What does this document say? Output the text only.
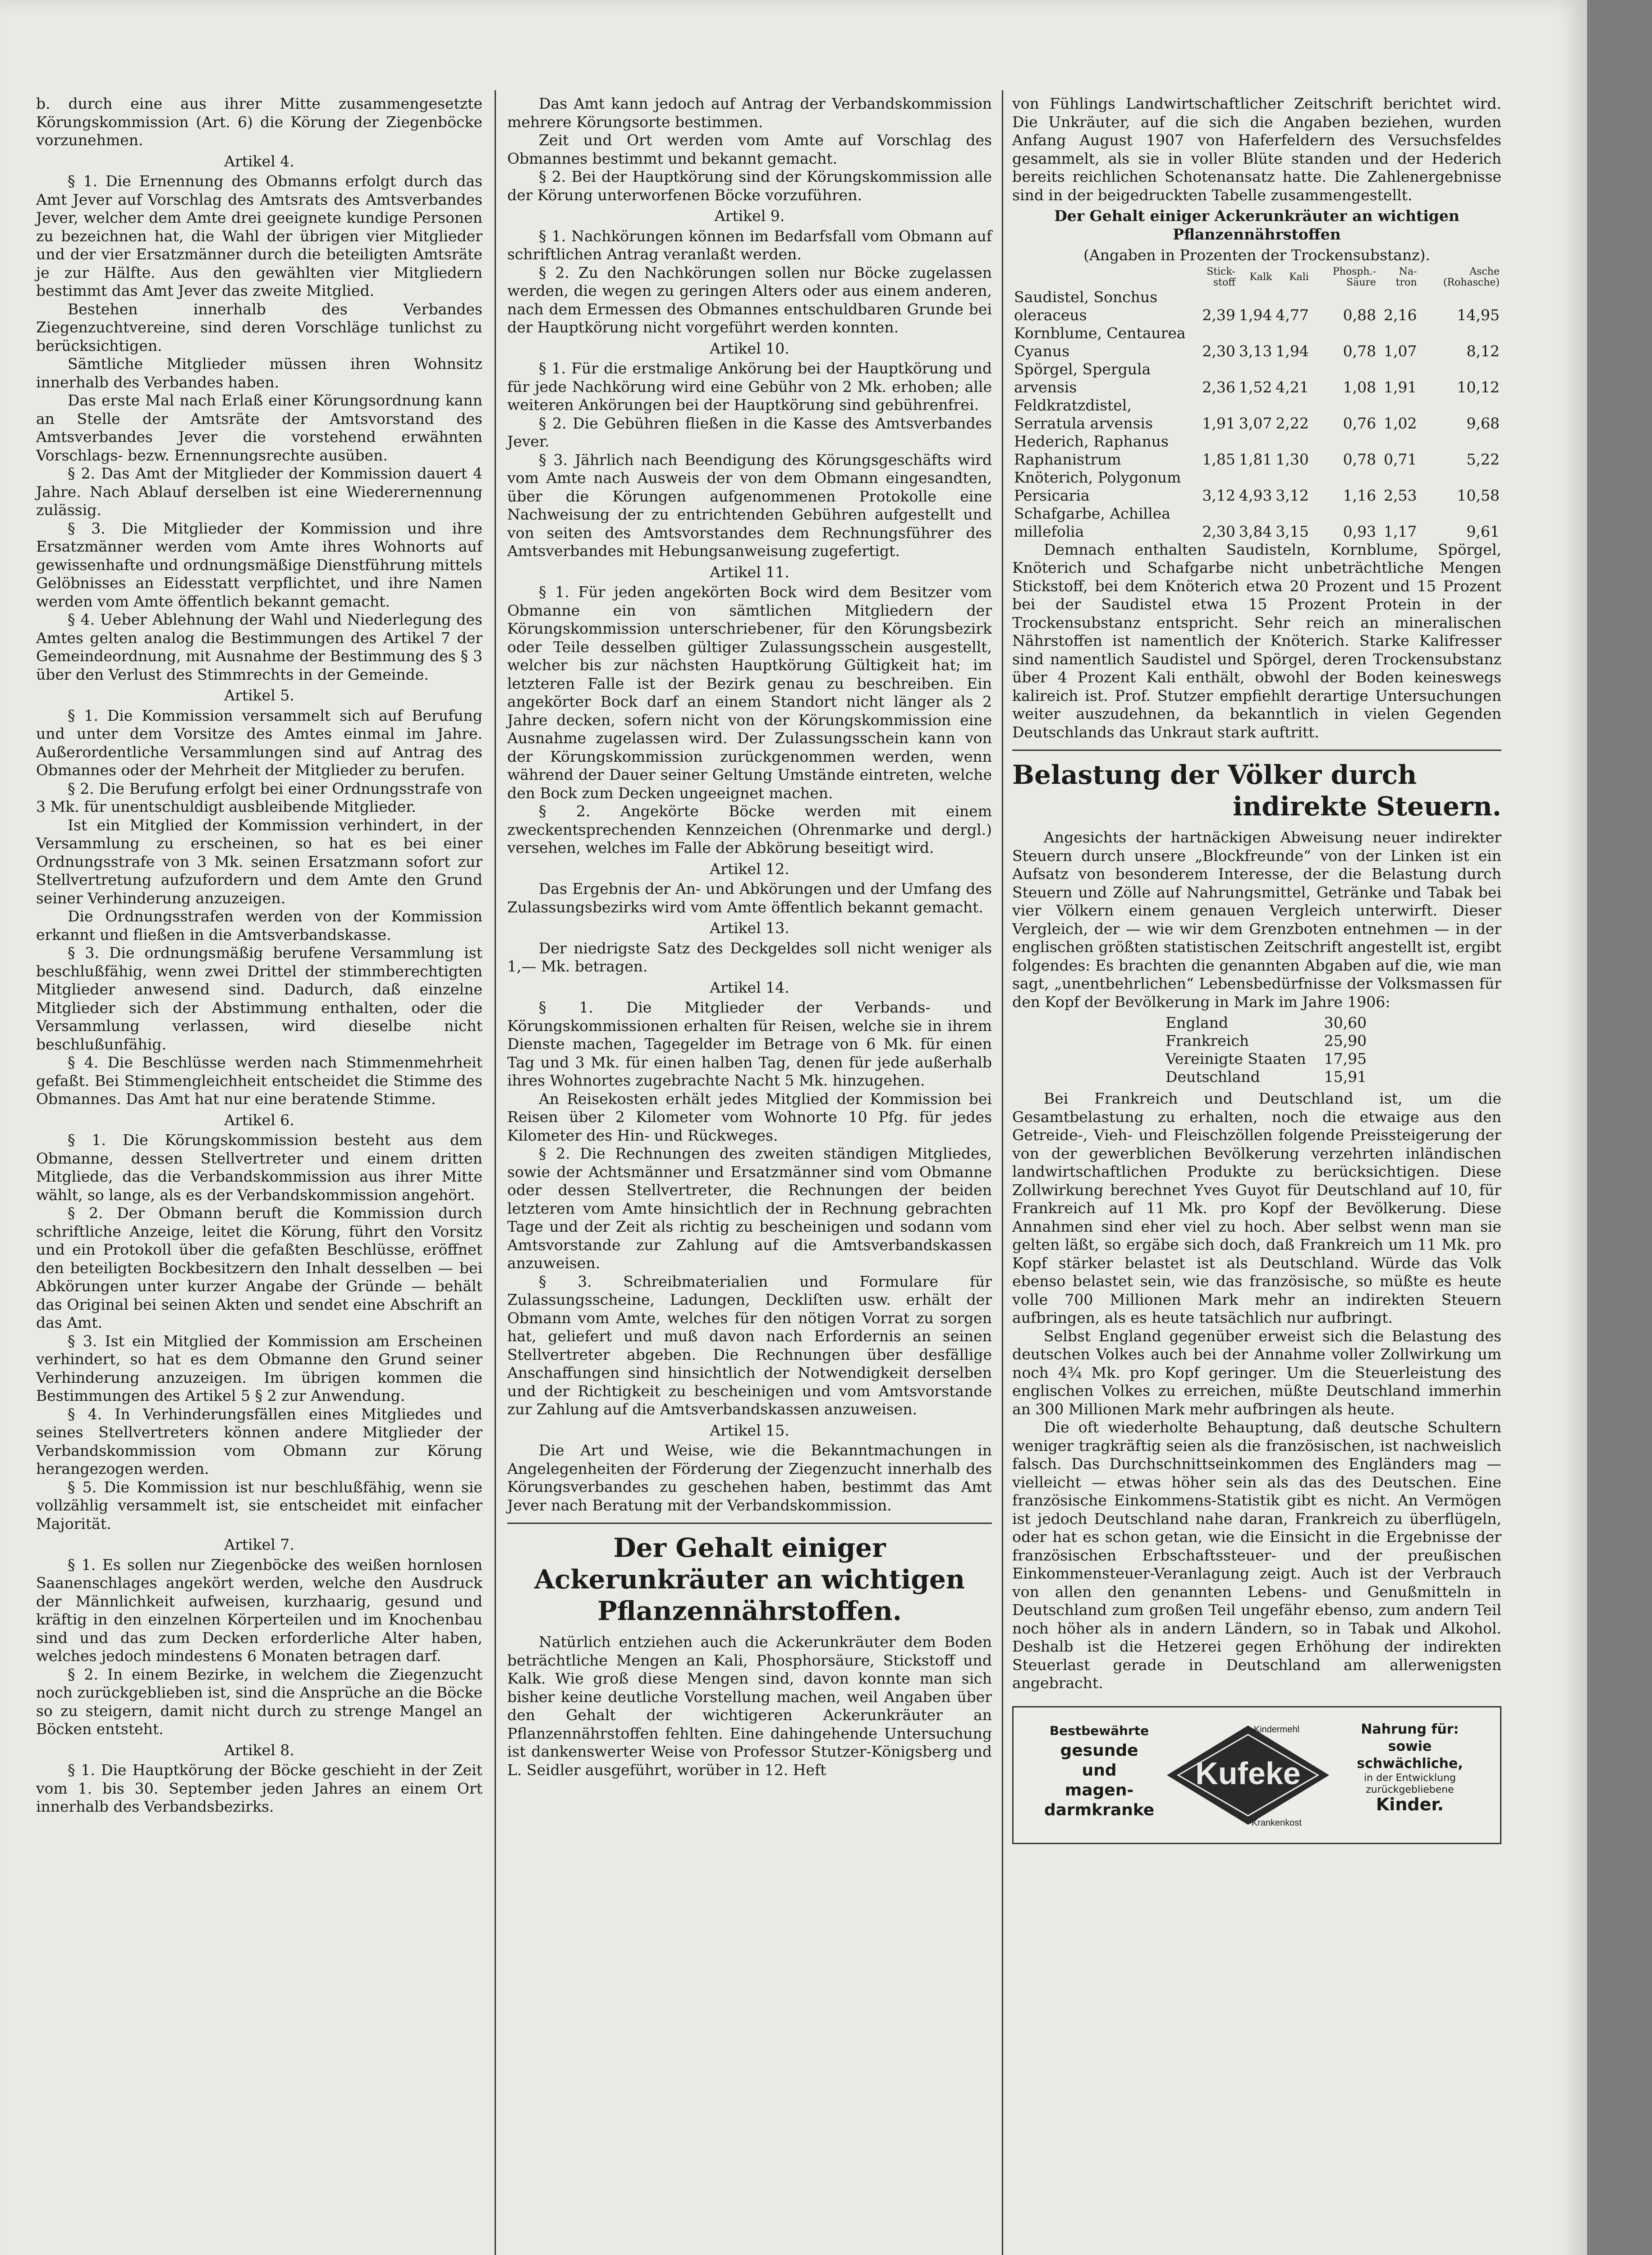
b. durch eine aus ihrer Mitte zusammengesetzte Körungskommission (Art. 6) die Körung der Ziegenböcke vorzunehmen.

Artikel 4.

§ 1. Die Ernennung des Obmanns erfolgt durch das Amt Jever auf Vorschlag des Amtsrats des Amtsverbandes Jever, welcher dem Amte drei geeignete kundige Personen zu bezeichnen hat, die Wahl der übrigen vier Mitglieder und der vier Ersatzmänner durch die beteiligten Amtsräte je zur Hälfte. Aus den gewählten vier Mitgliedern bestimmt das Amt Jever das zweite Mitglied.

Bestehen innerhalb des Verbandes Ziegenzuchtvereine, sind deren Vorschläge tunlichst zu berücksichtigen.

Sämtliche Mitglieder müssen ihren Wohnsitz innerhalb des Verbandes haben.

Das erste Mal nach Erlaß einer Körungsordnung kann an Stelle der Amtsräte der Amtsvorstand des Amtsverbandes Jever die vorstehend erwähnten Vorschlags- bezw. Ernennungsrechte ausüben.

§ 2. Das Amt der Mitglieder der Kommission dauert 4 Jahre. Nach Ablauf derselben ist eine Wiederernennung zulässig.

§ 3. Die Mitglieder der Kommission und ihre Ersatzmänner werden vom Amte ihres Wohnorts auf gewissenhafte und ordnungsmäßige Dienstführung mittels Gelöbnisses an Eidesstatt verpflichtet, und ihre Namen werden vom Amte öffentlich bekannt gemacht.

§ 4. Ueber Ablehnung der Wahl und Niederlegung des Amtes gelten analog die Bestimmungen des Artikel 7 der Gemeindeordnung, mit Ausnahme der Bestimmung des § 3 über den Verlust des Stimmrechts in der Gemeinde.

Artikel 5.

§ 1. Die Kommission versammelt sich auf Berufung und unter dem Vorsitze des Amtes einmal im Jahre. Außerordentliche Versammlungen sind auf Antrag des Obmannes oder der Mehrheit der Mitglieder zu berufen.

§ 2. Die Berufung erfolgt bei einer Ordnungsstrafe von 3 Mk. für unentschuldigt ausbleibende Mitglieder.

Ist ein Mitglied der Kommission verhindert, in der Versammlung zu erscheinen, so hat es bei einer Ordnungsstrafe von 3 Mk. seinen Ersatzmann sofort zur Stellvertretung aufzufordern und dem Amte den Grund seiner Verhinderung anzuzeigen.

Die Ordnungsstrafen werden von der Kommission erkannt und fließen in die Amtsverbandskasse.

§ 3. Die ordnungsmäßig berufene Versammlung ist beschlußfähig, wenn zwei Drittel der stimmberechtigten Mitglieder anwesend sind. Dadurch, daß einzelne Mitglieder sich der Abstimmung enthalten, oder die Versammlung verlassen, wird dieselbe nicht beschlußunfähig.

§ 4. Die Beschlüsse werden nach Stimmenmehrheit gefaßt. Bei Stimmengleichheit entscheidet die Stimme des Obmannes. Das Amt hat nur eine beratende Stimme.

Artikel 6.

§ 1. Die Körungskommission besteht aus dem Obmanne, dessen Stellvertreter und einem dritten Mitgliede, das die Verbandskommission aus ihrer Mitte wählt, so lange, als es der Verbandskommission angehört.

§ 2. Der Obmann beruft die Kommission durch schriftliche Anzeige, leitet die Körung, führt den Vorsitz und ein Protokoll über die gefaßten Beschlüsse, eröffnet den beteiligten Bockbesitzern den Inhalt desselben — bei Abkörungen unter kurzer Angabe der Gründe — behält das Original bei seinen Akten und sendet eine Abschrift an das Amt.

§ 3. Ist ein Mitglied der Kommission am Erscheinen verhindert, so hat es dem Obmanne den Grund seiner Verhinderung anzuzeigen. Im übrigen kommen die Bestimmungen des Artikel 5 § 2 zur Anwendung.

§ 4. In Verhinderungsfällen eines Mitgliedes und seines Stellvertreters können andere Mitglieder der Verbandskommission vom Obmann zur Körung herangezogen werden.

§ 5. Die Kommission ist nur beschlußfähig, wenn sie vollzählig versammelt ist, sie entscheidet mit einfacher Majorität.

Artikel 7.

§ 1. Es sollen nur Ziegenböcke des weißen hornlosen Saanenschlages angekört werden, welche den Ausdruck der Männlichkeit aufweisen, kurzhaarig, gesund und kräftig in den einzelnen Körperteilen und im Knochenbau sind und das zum Decken erforderliche Alter haben, welches jedoch mindestens 6 Monaten betragen darf.

§ 2. In einem Bezirke, in welchem die Ziegenzucht noch zurückgeblieben ist, sind die Ansprüche an die Böcke so zu steigern, damit nicht durch zu strenge Mangel an Böcken entsteht.

Artikel 8.

§ 1. Die Hauptkörung der Böcke geschieht in der Zeit vom 1. bis 30. September jeden Jahres an einem Ort innerhalb des Verbandsbezirks.

Das Amt kann jedoch auf Antrag der Verbandskommission mehrere Körungsorte bestimmen.

Zeit und Ort werden vom Amte auf Vorschlag des Obmannes bestimmt und bekannt gemacht.

§ 2. Bei der Hauptkörung sind der Körungskommission alle der Körung unterworfenen Böcke vorzuführen.

Artikel 9.

§ 1. Nachkörungen können im Bedarfsfall vom Obmann auf schriftlichen Antrag veranlaßt werden.

§ 2. Zu den Nachkörungen sollen nur Böcke zugelassen werden, die wegen zu geringen Alters oder aus einem anderen, nach dem Ermessen des Obmannes entschuldbaren Grunde bei der Hauptkörung nicht vorgeführt werden konnten.

Artikel 10.

§ 1. Für die erstmalige Ankörung bei der Hauptkörung und für jede Nachkörung wird eine Gebühr von 2 Mk. erhoben; alle weiteren Ankörungen bei der Hauptkörung sind gebührenfrei.

§ 2. Die Gebühren fließen in die Kasse des Amtsverbandes Jever.

§ 3. Jährlich nach Beendigung des Körungsgeschäfts wird vom Amte nach Ausweis der von dem Obmann eingesandten, über die Körungen aufgenommenen Protokolle eine Nachweisung der zu entrichtenden Gebühren aufgestellt und von seiten des Amtsvorstandes dem Rechnungsführer des Amtsverbandes mit Hebungsanweisung zugefertigt.

Artikel 11.

§ 1. Für jeden angekörten Bock wird dem Besitzer vom Obmanne ein von sämtlichen Mitgliedern der Körungskommission unterschriebener, für den Körungsbezirk oder Teile desselben gültiger Zulassungsschein ausgestellt, welcher bis zur nächsten Hauptkörung Gültigkeit hat; im letzteren Falle ist der Bezirk genau zu beschreiben. Ein angekörter Bock darf an einem Standort nicht länger als 2 Jahre decken, sofern nicht von der Körungskommission eine Ausnahme zugelassen wird. Der Zulassungsschein kann von der Körungskommission zurückgenommen werden, wenn während der Dauer seiner Geltung Umstände eintreten, welche den Bock zum Decken ungeeignet machen.

§ 2. Angekörte Böcke werden mit einem zweckentsprechenden Kennzeichen (Ohrenmarke und dergl.) versehen, welches im Falle der Abkörung beseitigt wird.

Artikel 12.

Das Ergebnis der An- und Abkörungen und der Umfang des Zulassungsbezirks wird vom Amte öffentlich bekannt gemacht.

Artikel 13.

Der niedrigste Satz des Deckgeldes soll nicht weniger als 1,— Mk. betragen.

Artikel 14.

§ 1. Die Mitglieder der Verbands- und Körungskommissionen erhalten für Reisen, welche sie in ihrem Dienste machen, Tagegelder im Betrage von 6 Mk. für einen Tag und 3 Mk. für einen halben Tag, denen für jede außerhalb ihres Wohnortes zugebrachte Nacht 5 Mk. hinzugehen.

An Reisekosten erhält jedes Mitglied der Kommission bei Reisen über 2 Kilometer vom Wohnorte 10 Pfg. für jedes Kilometer des Hin- und Rückweges.

§ 2. Die Rechnungen des zweiten ständigen Mitgliedes, sowie der Achtsmänner und Ersatzmänner sind vom Obmanne oder dessen Stellvertreter, die Rechnungen der beiden letzteren vom Amte hinsichtlich der in Rechnung gebrachten Tage und der Zeit als richtig zu bescheinigen und sodann vom Amtsvorstande zur Zahlung auf die Amtsverbandskassen anzuweisen.

§ 3. Schreibmaterialien und Formulare für Zulassungsscheine, Ladungen, Deckliſten usw. erhält der Obmann vom Amte, welches für den nötigen Vorrat zu sorgen hat, geliefert und muß davon nach Erfordernis an seinen Stellvertreter abgeben. Die Rechnungen über desfällige Anschaffungen sind hinsichtlich der Notwendigkeit derselben und der Richtigkeit zu bescheinigen und vom Amtsvorstande zur Zahlung auf die Amtsverbandskassen anzuweisen.

Artikel 15.

Die Art und Weise, wie die Bekanntmachungen in Angelegenheiten der Förderung der Ziegenzucht innerhalb des Körungsverbandes zu geschehen haben, bestimmt das Amt Jever nach Beratung mit der Verbandskommission.

Der Gehalt einiger Ackerunkräuter an wichtigen Pflanzennährstoffen.

Natürlich entziehen auch die Ackerunkräuter dem Boden beträchtliche Mengen an Kali, Phosphorsäure, Stickstoff und Kalk. Wie groß diese Mengen sind, davon konnte man sich bisher keine deutliche Vorstellung machen, weil Angaben über den Gehalt der wichtigeren Ackerunkräuter an Pflanzennährstoffen fehlten. Eine dahingehende Untersuchung ist dankenswerter Weise von Professor Stutzer-Königsberg und L. Seidler ausgeführt, worüber in 12. Heft

von Fühlings Landwirtschaftlicher Zeitschrift berichtet wird. Die Unkräuter, auf die sich die Angaben beziehen, wurden Anfang August 1907 von Haferfeldern des Versuchsfeldes gesammelt, als sie in voller Blüte standen und der Hederich bereits reichlichen Schotenansatz hatte. Die Zahlenergebnisse sind in der beigedruckten Tabelle zusammengestellt.

Der Gehalt einiger Ackerunkräuter an wichtigen Pflanzennährstoffen
(Angaben in Prozenten der Trockensubstanz).
	Stick-stoff	Kalk	Kali	Phosph.-Säure	Na-tron	Asche (Rohasche)
Saudistel, Sonchus oleraceus	2,39	1,94	4,77	0,88	2,16	14,95
Kornblume, Centaurea Cyanus	2,30	3,13	1,94	0,78	1,07	8,12
Spörgel, Spergula arvensis	2,36	1,52	4,21	1,08	1,91	10,12
Feldkratzdistel, Serratula arvensis	1,91	3,07	2,22	0,76	1,02	9,68
Hederich, Raphanus Raphanistrum	1,85	1,81	1,30	0,78	0,71	5,22
Knöterich, Polygonum Persicaria	3,12	4,93	3,12	1,16	2,53	10,58
Schafgarbe, Achillea millefolia	2,30	3,84	3,15	0,93	1,17	9,61

Demnach enthalten Saudisteln, Kornblume, Spörgel, Knöterich und Schafgarbe nicht unbeträchtliche Mengen Stickstoff, bei dem Knöterich etwa 20 Prozent und 15 Prozent bei der Saudistel etwa 15 Prozent Protein in der Trockensubstanz entspricht. Sehr reich an mineralischen Nährstoffen ist namentlich der Knöterich. Starke Kalifresser sind namentlich Saudistel und Spörgel, deren Trockensubstanz über 4 Prozent Kali enthält, obwohl der Boden keineswegs kalireich ist. Prof. Stutzer empfiehlt derartige Untersuchungen weiter auszudehnen, da bekanntlich in vielen Gegenden Deutschlands das Unkraut stark auftritt.

Belastung der Völker durch
indirekte Steuern.

Angesichts der hartnäckigen Abweisung neuer indirekter Steuern durch unsere „Blockfreunde“ von der Linken ist ein Aufsatz von besonderem Interesse, der die Belastung durch Steuern und Zölle auf Nahrungsmittel, Getränke und Tabak bei vier Völkern einem genauen Vergleich unterwirft. Dieser Vergleich, der — wie wir dem Grenzboten entnehmen — in der englischen größten statistischen Zeitschrift angestellt ist, ergibt folgendes: Es brachten die genannten Abgaben auf die, wie man sagt, „unentbehrlichen“ Lebensbedürfnisse der Volksmassen für den Kopf der Bevölkerung in Mark im Jahre 1906:

England	30,60
Frankreich	25,90
Vereinigte Staaten	17,95
Deutschland	15,91

Bei Frankreich und Deutschland ist, um die Gesamtbelastung zu erhalten, noch die etwaige aus den Getreide-, Vieh- und Fleischzöllen folgende Preissteigerung der von der gewerblichen Bevölkerung verzehrten inländischen landwirtschaftlichen Produkte zu berücksichtigen. Diese Zollwirkung berechnet Yves Guyot für Deutschland auf 10, für Frankreich auf 11 Mk. pro Kopf der Bevölkerung. Diese Annahmen sind eher viel zu hoch. Aber selbst wenn man sie gelten läßt, so ergäbe sich doch, daß Frankreich um 11 Mk. pro Kopf stärker belastet ist als Deutschland. Würde das Volk ebenso belastet sein, wie das französische, so müßte es heute volle 700 Millionen Mark mehr an indirekten Steuern aufbringen, als es heute tatsächlich nur aufbringt.

Selbst England gegenüber erweist sich die Belastung des deutschen Volkes auch bei der Annahme voller Zollwirkung um noch 4¾ Mk. pro Kopf geringer. Um die Steuerleistung des englischen Volkes zu erreichen, müßte Deutschland immerhin an 300 Millionen Mark mehr aufbringen als heute.

Die oft wiederholte Behauptung, daß deutsche Schultern weniger tragkräftig seien als die französischen, ist nachweislich falsch. Das Durchschnittseinkommen des Engländers mag — vielleicht — etwas höher sein als das des Deutschen. Eine französische Einkommens-Statistik gibt es nicht. An Vermögen ist jedoch Deutschland nahe daran, Frankreich zu überflügeln, oder hat es schon getan, wie die Einsicht in die Ergebnisse der französischen Erbschaftssteuer- und der preußischen Einkommensteuer-Veranlagung zeigt. Auch ist der Verbrauch von allen den genannten Lebens- und Genußmitteln in Deutschland zum großen Teil ungefähr ebenso, zum andern Teil noch höher als in andern Ländern, so in Tabak und Alkohol. Deshalb ist die Hetzerei gegen Erhöhung der indirekten Steuerlast gerade in Deutschland am allerwenigsten angebracht.

Bestbewährte
gesunde
und
magen-
darmkranke
Kufeke
-Kindermehl
-Krankenkost
Nahrung für:
sowie
schwächliche,
in der Entwicklung
zurückgebliebene
Kinder.
